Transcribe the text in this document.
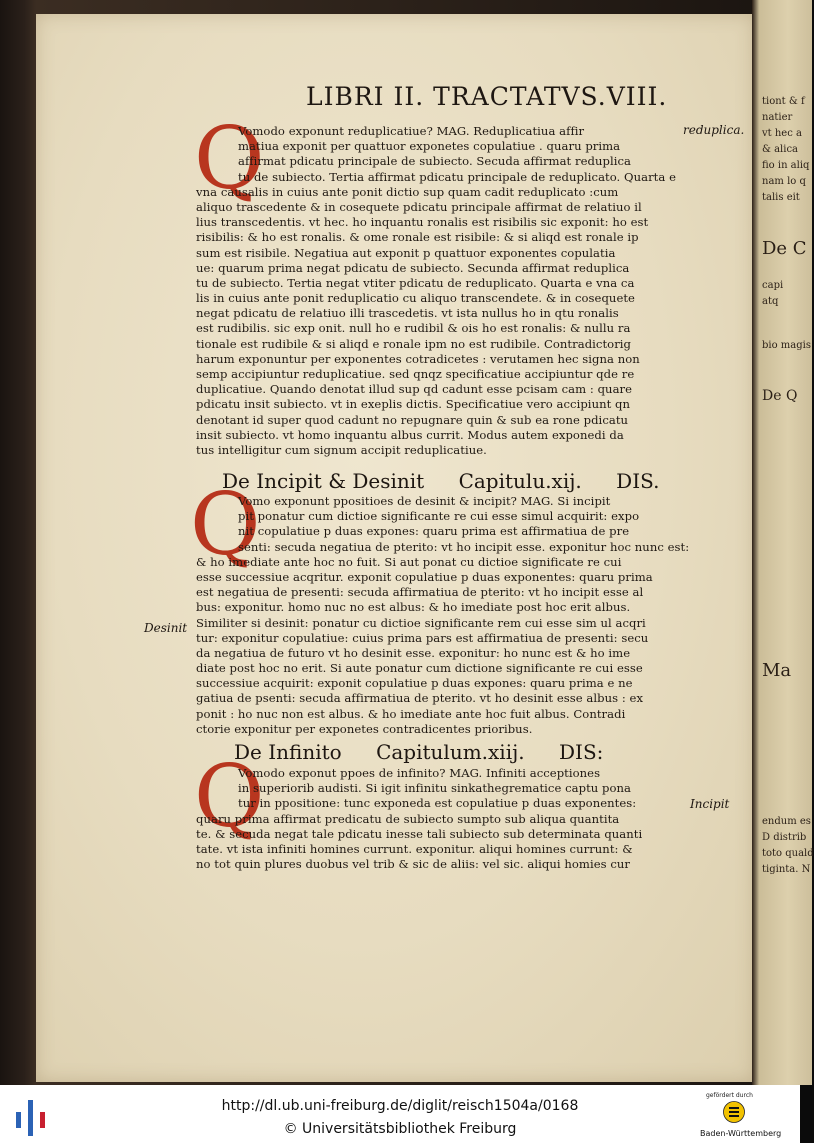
tiont & f
natier
vt hec a
& alica
fio in aliq
nam lo q
talis eit
De C
capi
atq
bio magis
De Q
Ma
endum es
D distrib
toto quald
tiginta. N
LIBRI II. TRACTATVS.VIII.
Q	reduplica.
Vomodo exponunt reduplicatiue? MAG. Reduplicatiua affir
matiua exponit per quattuor exponetes copulatiue . quaru prima
affirmat pdicatu principale de subiecto. Secuda affirmat reduplica
tu de subiecto. Tertia affirmat pdicatu principale de reduplicato. Quarta e
vna causalis in cuius ante ponit dictio sup quam cadit reduplicato :cum
aliquo trascedente & in cosequete pdicatu principale affirmat de relatiuo il
lius transcedentis. vt hec. ho inquantu ronalis est risibilis sic exponit: ho est
risibilis: & ho est ronalis. & ome ronale est risibile: & si aliqd est ronale ip
sum est risibile. Negatiua aut exponit p quattuor exponentes copulatia
ue: quarum prima negat pdicatu de subiecto. Secunda affirmat reduplica
tu de subiecto. Tertia negat vtiter pdicatu de reduplicato. Quarta e vna ca
lis in cuius ante ponit reduplicatio cu aliquo transcendete. & in cosequete
negat pdicatu de relatiuo illi trascedetis. vt ista nullus ho in qtu ronalis
est rudibilis. sic exp onit. null ho e rudibil & ois ho est ronalis: & nullu ra
tionale est rudibile & si aliqd e ronale ipm no est rudibile. Contradictorig
harum exponuntur per exponentes cotradicetes : verutamen hec signa non
semp accipiuntur reduplicatiue. sed qnqz specificatiue accipiuntur qde re
duplicatiue. Quando denotat illud sup qd cadunt esse pcisam cam : quare
pdicatu insit subiecto. vt in exeplis dictis. Specificatiue vero accipiunt qn
denotant id super quod cadunt no repugnare quin & sub ea rone pdicatu
insit subiecto. vt homo inquantu albus currit. Modus autem exponedi da
tus intelligitur cum signum accipit reduplicatiue.
De Incipit & Desinit Capitulu.xij. DIS.
Q
Desinit
Vomo exponunt ppositioes de desinit & incipit? MAG. Si incipit
pit ponatur cum dictioe significante re cui esse simul acquirit: expo
nit copulatiue p duas expones: quaru prima est affirmatiua de pre
senti: secuda negatiua de pterito: vt ho incipit esse. exponitur hoc nunc est:
& ho imediate ante hoc no fuit. Si aut ponat cu dictioe significate re cui
esse successiue acqritur. exponit copulatiue p duas exponentes: quaru prima
est negatiua de presenti: secuda affirmatiua de pterito: vt ho incipit esse al
bus: exponitur. homo nuc no est albus: & ho imediate post hoc erit albus.
Similiter si desinit: ponatur cu dictioe significante rem cui esse sim ul acqri
tur: exponitur copulatiue: cuius prima pars est affirmatiua de presenti: secu
da negatiua de futuro vt ho desinit esse. exponitur: ho nunc est & ho ime
diate post hoc no erit. Si aute ponatur cum dictione significante re cui esse
successiue acquirit: exponit copulatiue p duas expones: quaru prima e ne
gatiua de psenti: secuda affirmatiua de pterito. vt ho desinit esse albus : ex
ponit : ho nuc non est albus. & ho imediate ante hoc fuit albus. Contradi
ctorie exponitur per exponetes contradicentes prioribus.
De Infinito Capitulum.xiij. DIS:
Q	Incipit
Vomodo exponut ppoes de infinito? MAG. Infiniti acceptiones
in superiorib audisti. Si igit infinitu sinkathegrematice captu pona
tur in ppositione: tunc exponeda est copulatiue p duas exponentes:
quaru prima affirmat predicatu de subiecto sumpto sub aliqua quantita
te. & secuda negat tale pdicatu inesse tali subiecto sub determinata quanti
tate. vt ista infiniti homines currunt. exponitur. aliqui homines currunt: &
no tot quin plures duobus vel trib & sic de aliis: vel sic. aliqui homies cur
http://dl.ub.uni-freiburg.de/diglit/reisch1504a/0168
© Universitätsbibliothek Freiburg
gefördert durch
Baden-Württemberg
